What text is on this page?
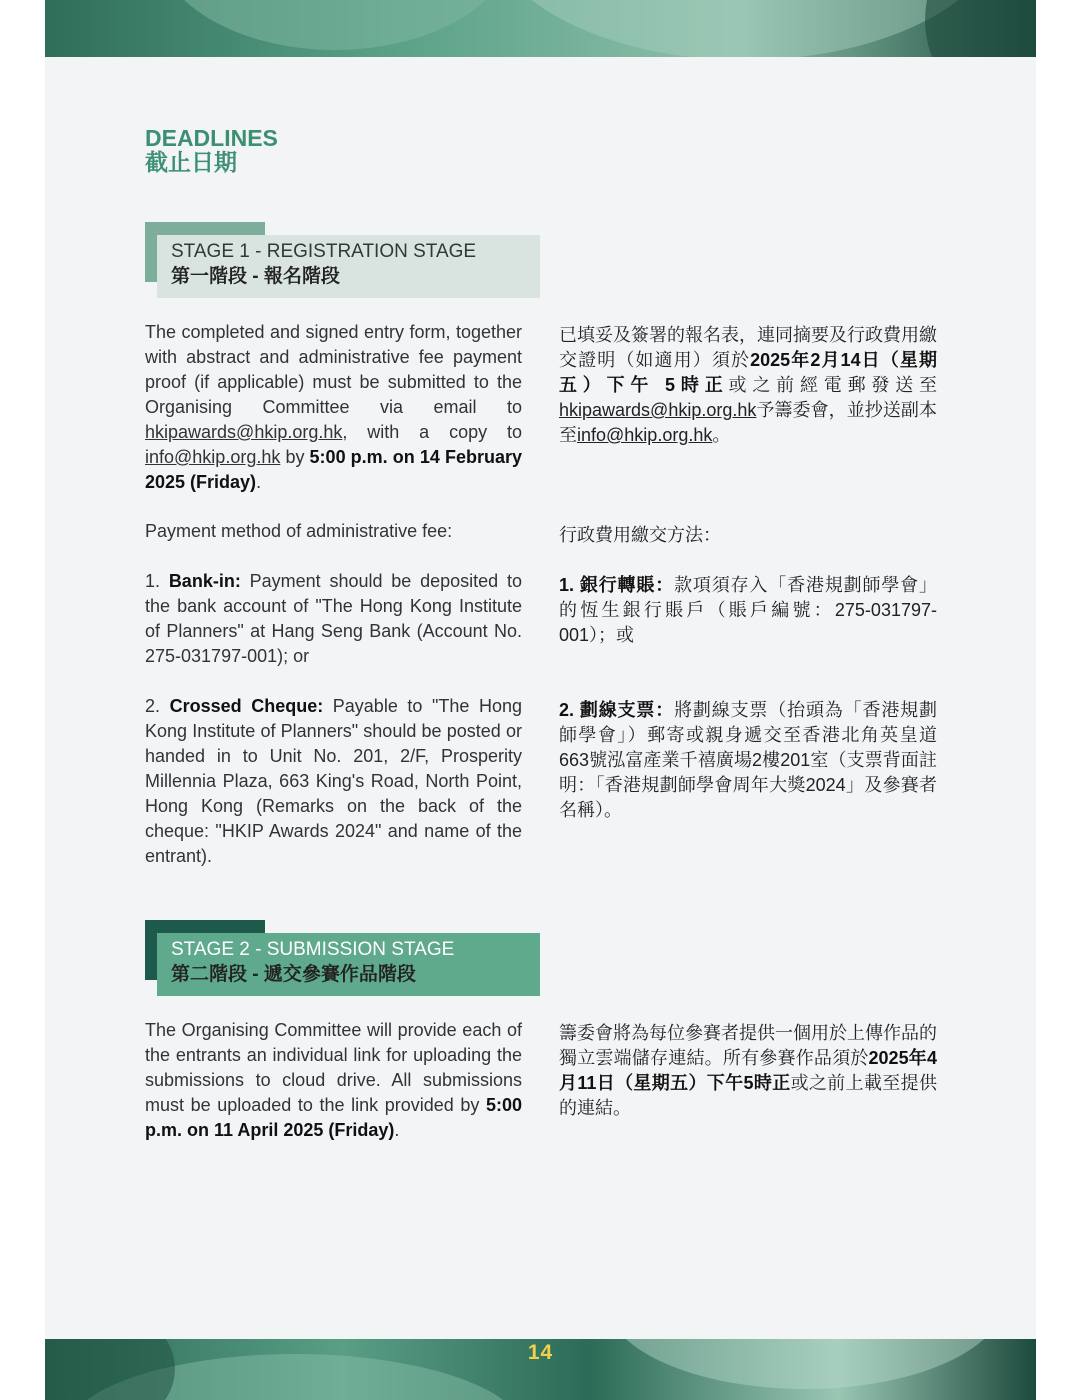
DEADLINES
截止日期
STAGE 1 - REGISTRATION STAGE
第一階段 - 報名階段
The completed and signed entry form, together with abstract and administrative fee payment proof (if applicable) must be submitted to the Organising Committee via email to hkipawards@hkip.org.hk, with a copy to info@hkip.org.hk by 5:00 p.m. on 14 February 2025 (Friday).
Payment method of administrative fee:
1. Bank-in: Payment should be deposited to the bank account of "The Hong Kong Institute of Planners" at Hang Seng Bank (Account No. 275-031797-001); or
2. Crossed Cheque: Payable to "The Hong Kong Institute of Planners" should be posted or handed in to Unit No. 201, 2/F, Prosperity Millennia Plaza, 663 King's Road, North Point, Hong Kong (Remarks on the back of the cheque: "HKIP Awards 2024" and name of the entrant).
已填妥及簽署的報名表，連同摘要及行政費用繳交證明（如適用）須於2025年2月14日（星期五）下午 5時正或之前經電郵發送至hkipawards@hkip.org.hk予籌委會，並抄送副本至info@hkip.org.hk。
行政費用繳交方法：
1. 銀行轉賬：款項須存入「香港規劃師學會」的恆生銀行賬戶（賬戶編號：275-031797-001）；或
2. 劃線支票：將劃線支票（抬頭為「香港規劃師學會」）郵寄或親身遞交至香港北角英皇道663號泓富產業千禧廣場2樓201室（支票背面註明：「香港規劃師學會周年大獎2024」及參賽者名稱）。
STAGE 2 - SUBMISSION STAGE
第二階段 - 遞交參賽作品階段
The Organising Committee will provide each of the entrants an individual link for uploading the submissions to cloud drive. All submissions must be uploaded to the link provided by 5:00 p.m. on 11 April 2025 (Friday).
籌委會將為每位參賽者提供一個用於上傳作品的獨立雲端儲存連結。所有參賽作品須於2025年4月11日（星期五）下午5時正或之前上載至提供的連結。
14
